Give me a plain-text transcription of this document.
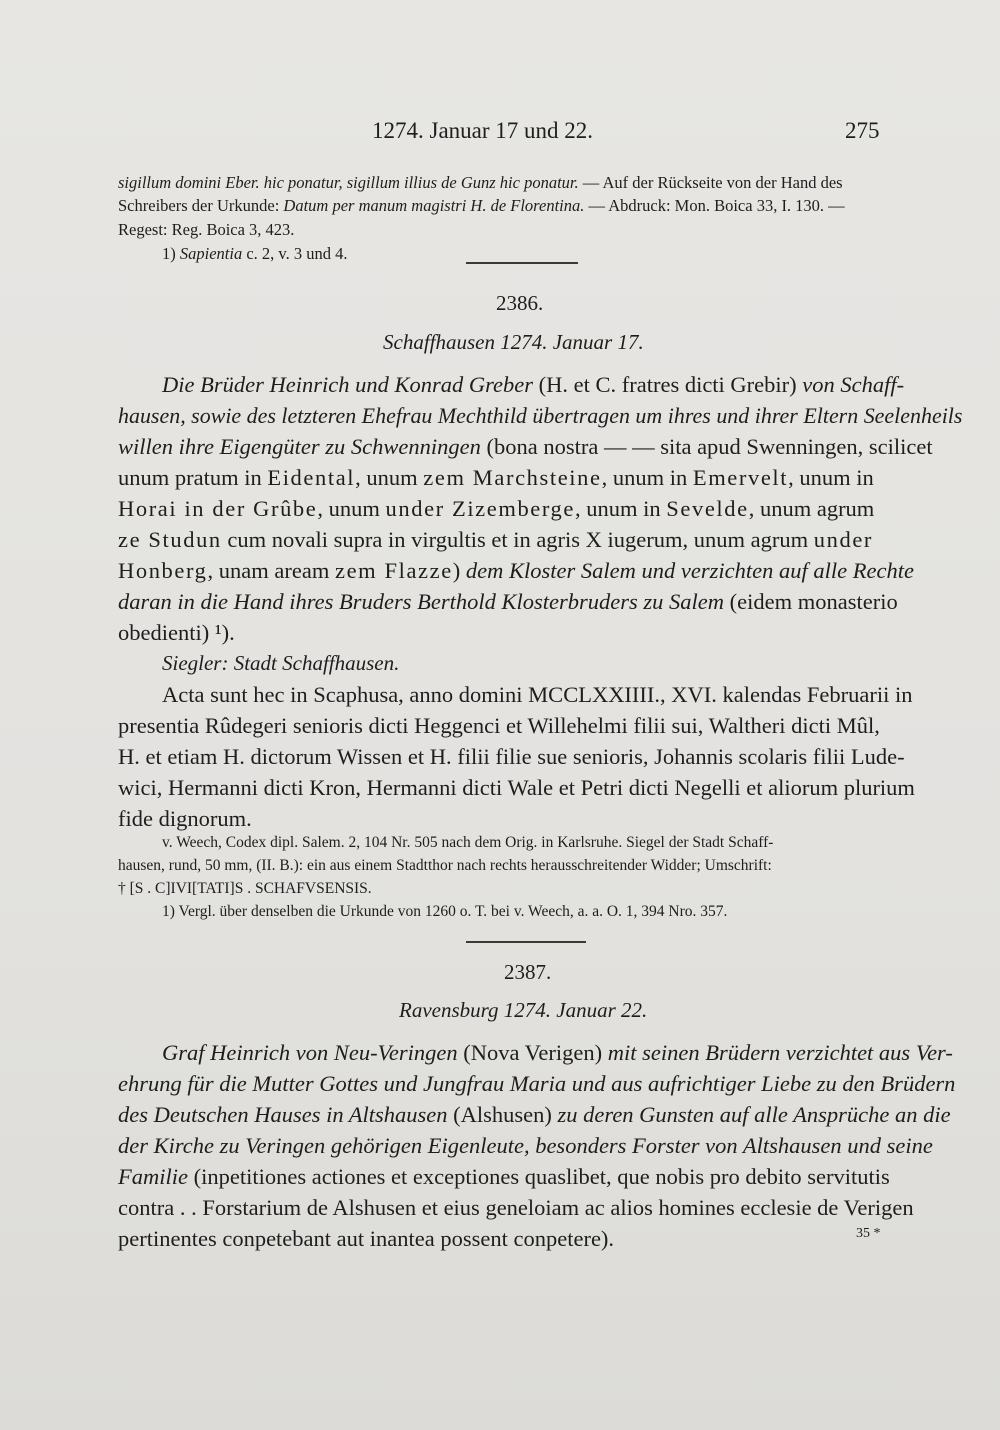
1274. Januar 17 und 22.	275
sigillum domini Eber. hic ponatur, sigillum illius de Gunz hic ponatur. — Auf der Rückseite von der Hand des
Schreibers der Urkunde: Datum per manum magistri H. de Florentina. — Abdruck: Mon. Boica 33, I. 130. —
Regest: Reg. Boica 3, 423.
1) Sapientia c. 2, v. 3 und 4.
2386.
Schaffhausen 1274. Januar 17.
Die Brüder Heinrich und Konrad Greber (H. et C. fratres dicti Grebir) von Schaff-
hausen, sowie des letzteren Ehefrau Mechthild übertragen um ihres und ihrer Eltern Seelenheils
willen ihre Eigengüter zu Schwenningen (bona nostra — — sita apud Swenningen, scilicet
unum pratum in Eidental, unum zem Marchsteine, unum in Emervelt, unum in
Horai in der Grûbe, unum under Zizemberge, unum in Sevelde, unum agrum
ze Studun cum novali supra in virgultis et in agris X iugerum, unum agrum under
Honberg, unam aream zem Flazze) dem Kloster Salem und verzichten auf alle Rechte
daran in die Hand ihres Bruders Berthold Klosterbruders zu Salem (eidem monasterio
obedienti) ¹).
Siegler: Stadt Schaffhausen.
Acta sunt hec in Scaphusa, anno domini MCCLXXIIII., XVI. kalendas Februarii in
presentia Rûdegeri senioris dicti Heggenci et Willehelmi filii sui, Waltheri dicti Mûl,
H. et etiam H. dictorum Wissen et H. filii filie sue senioris, Johannis scolaris filii Lude-
wici, Hermanni dicti Kron, Hermanni dicti Wale et Petri dicti Negelli et aliorum plurium
fide dignorum.
v. Weech, Codex dipl. Salem. 2, 104 Nr. 505 nach dem Orig. in Karlsruhe. Siegel der Stadt Schaff-
hausen, rund, 50 mm, (II. B.): ein aus einem Stadtthor nach rechts herausschreitender Widder; Umschrift:
† [S . C]IVI[TATI]S . SCHAFVSENSIS.
1) Vergl. über denselben die Urkunde von 1260 o. T. bei v. Weech, a. a. O. 1, 394 Nro. 357.
2387.
Ravensburg 1274. Januar 22.
Graf Heinrich von Neu-Veringen (Nova Verigen) mit seinen Brüdern verzichtet aus Ver-
ehrung für die Mutter Gottes und Jungfrau Maria und aus aufrichtiger Liebe zu den Brüdern
des Deutschen Hauses in Altshausen (Alshusen) zu deren Gunsten auf alle Ansprüche an die
der Kirche zu Veringen gehörigen Eigenleute, besonders Forster von Altshausen und seine
Familie (inpetitiones actiones et exceptiones quaslibet, que nobis pro debito servitutis
contra . . Forstarium de Alshusen et eius geneloiam ac alios homines ecclesie de Verigen
pertinentes conpetebant aut inantea possent conpetere).	35 *
